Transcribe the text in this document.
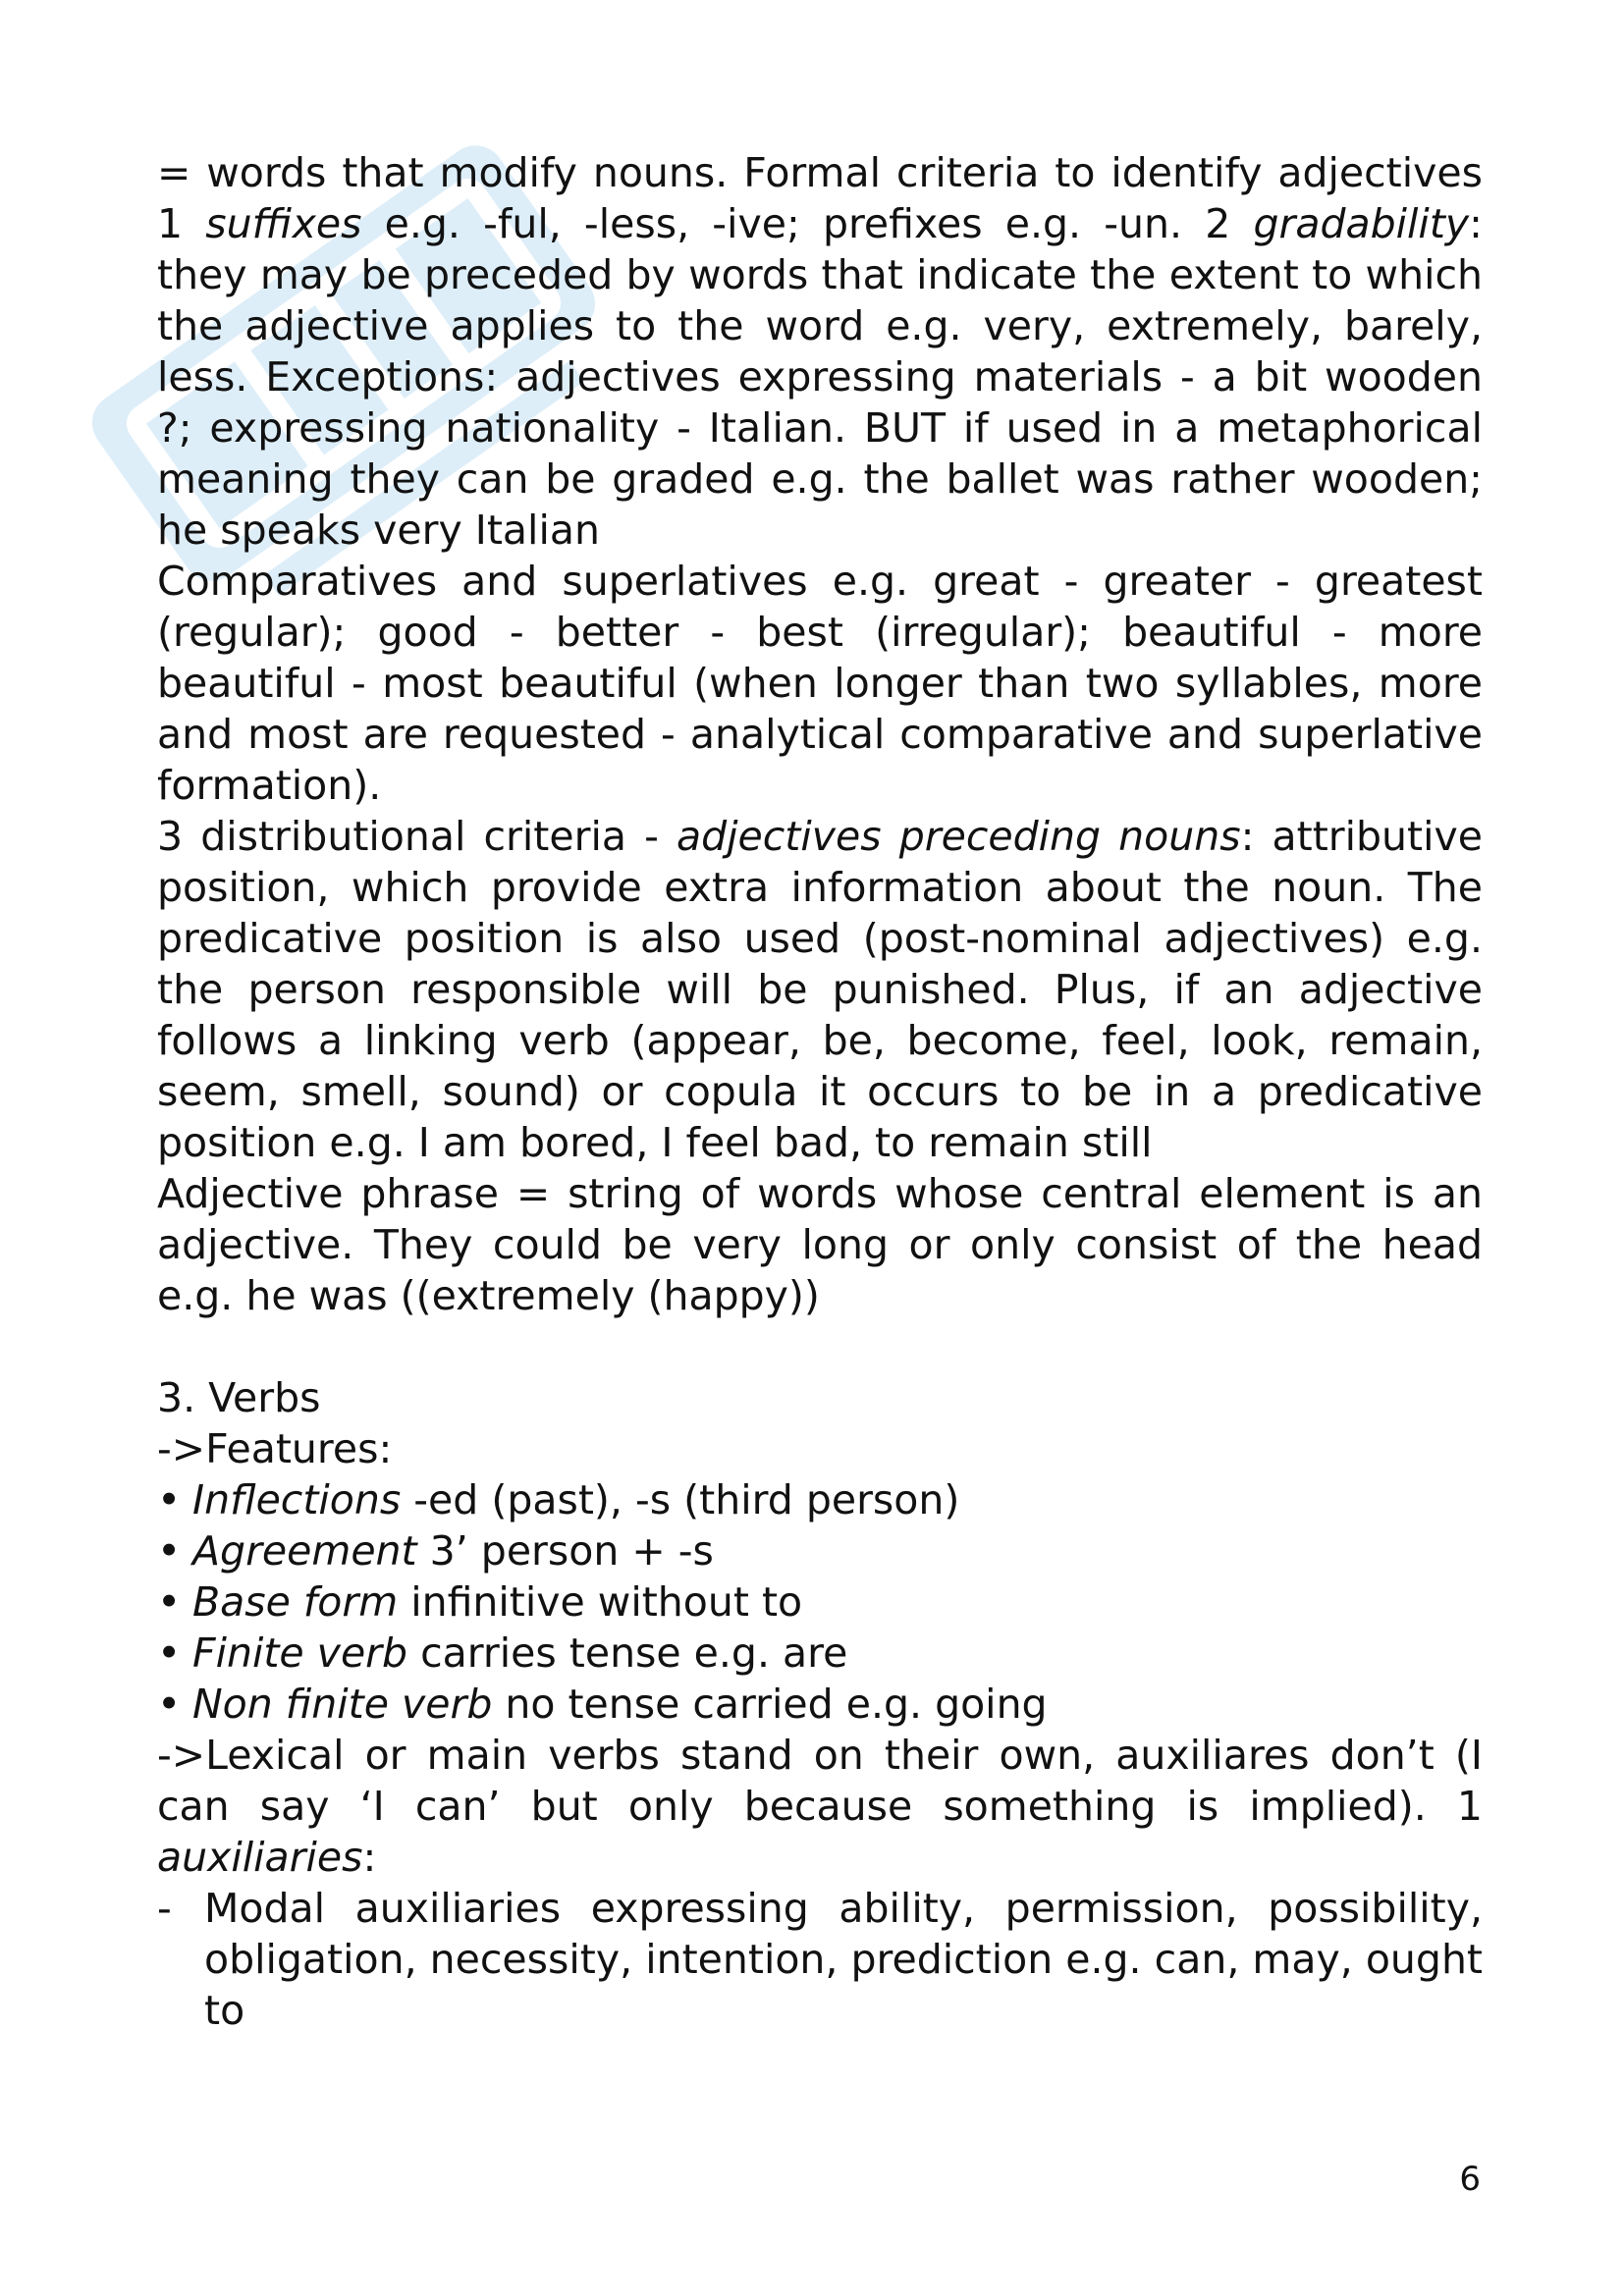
= words that modify nouns. Formal criteria to identify adjectives 1 suffixes e.g. -ful, -less, -ive; prefixes e.g. -un. 2 gradability: they may be preceded by words that indicate the extent to which the adjective applies to the word e.g. very, extremely, barely, less. Exceptions: adjectives expressing materials - a bit wooden ?; expressing nationality - Italian. BUT if used in a metaphorical meaning they can be graded e.g. the ballet was rather wooden; he speaks very Italian

Comparatives and superlatives e.g. great - greater - greatest (regular); good - better - best (irregular); beautiful - more beautiful - most beautiful (when longer than two syllables, more and most are requested - analytical comparative and superlative formation).

3 distributional criteria - adjectives preceding nouns: attributive position, which provide extra information about the noun. The predicative position is also used (post-nominal adjectives) e.g. the person responsible will be punished. Plus, if an adjective follows a linking verb (appear, be, become, feel, look, remain, seem, smell, sound) or copula it occurs to be in a predicative position e.g. I am bored, I feel bad, to remain still

Adjective phrase = string of words whose central element is an adjective. They could be very long or only consist of the head e.g. he was ((extremely (happy))

3. Verbs

->Features:

• Inflections -ed (past), -s (third person)
• Agreement 3’ person + -s
• Base form infinitive without to
• Finite verb carries tense e.g. are
• Non finite verb no tense carried e.g. going

->Lexical or main verbs stand on their own, auxiliares don’t (I can say ‘I can’ but only because something is implied). 1 auxiliaries:

- Modal auxiliaries expressing ability, permission, possibility, obligation, necessity, intention, prediction e.g. can, may, ought to
6
